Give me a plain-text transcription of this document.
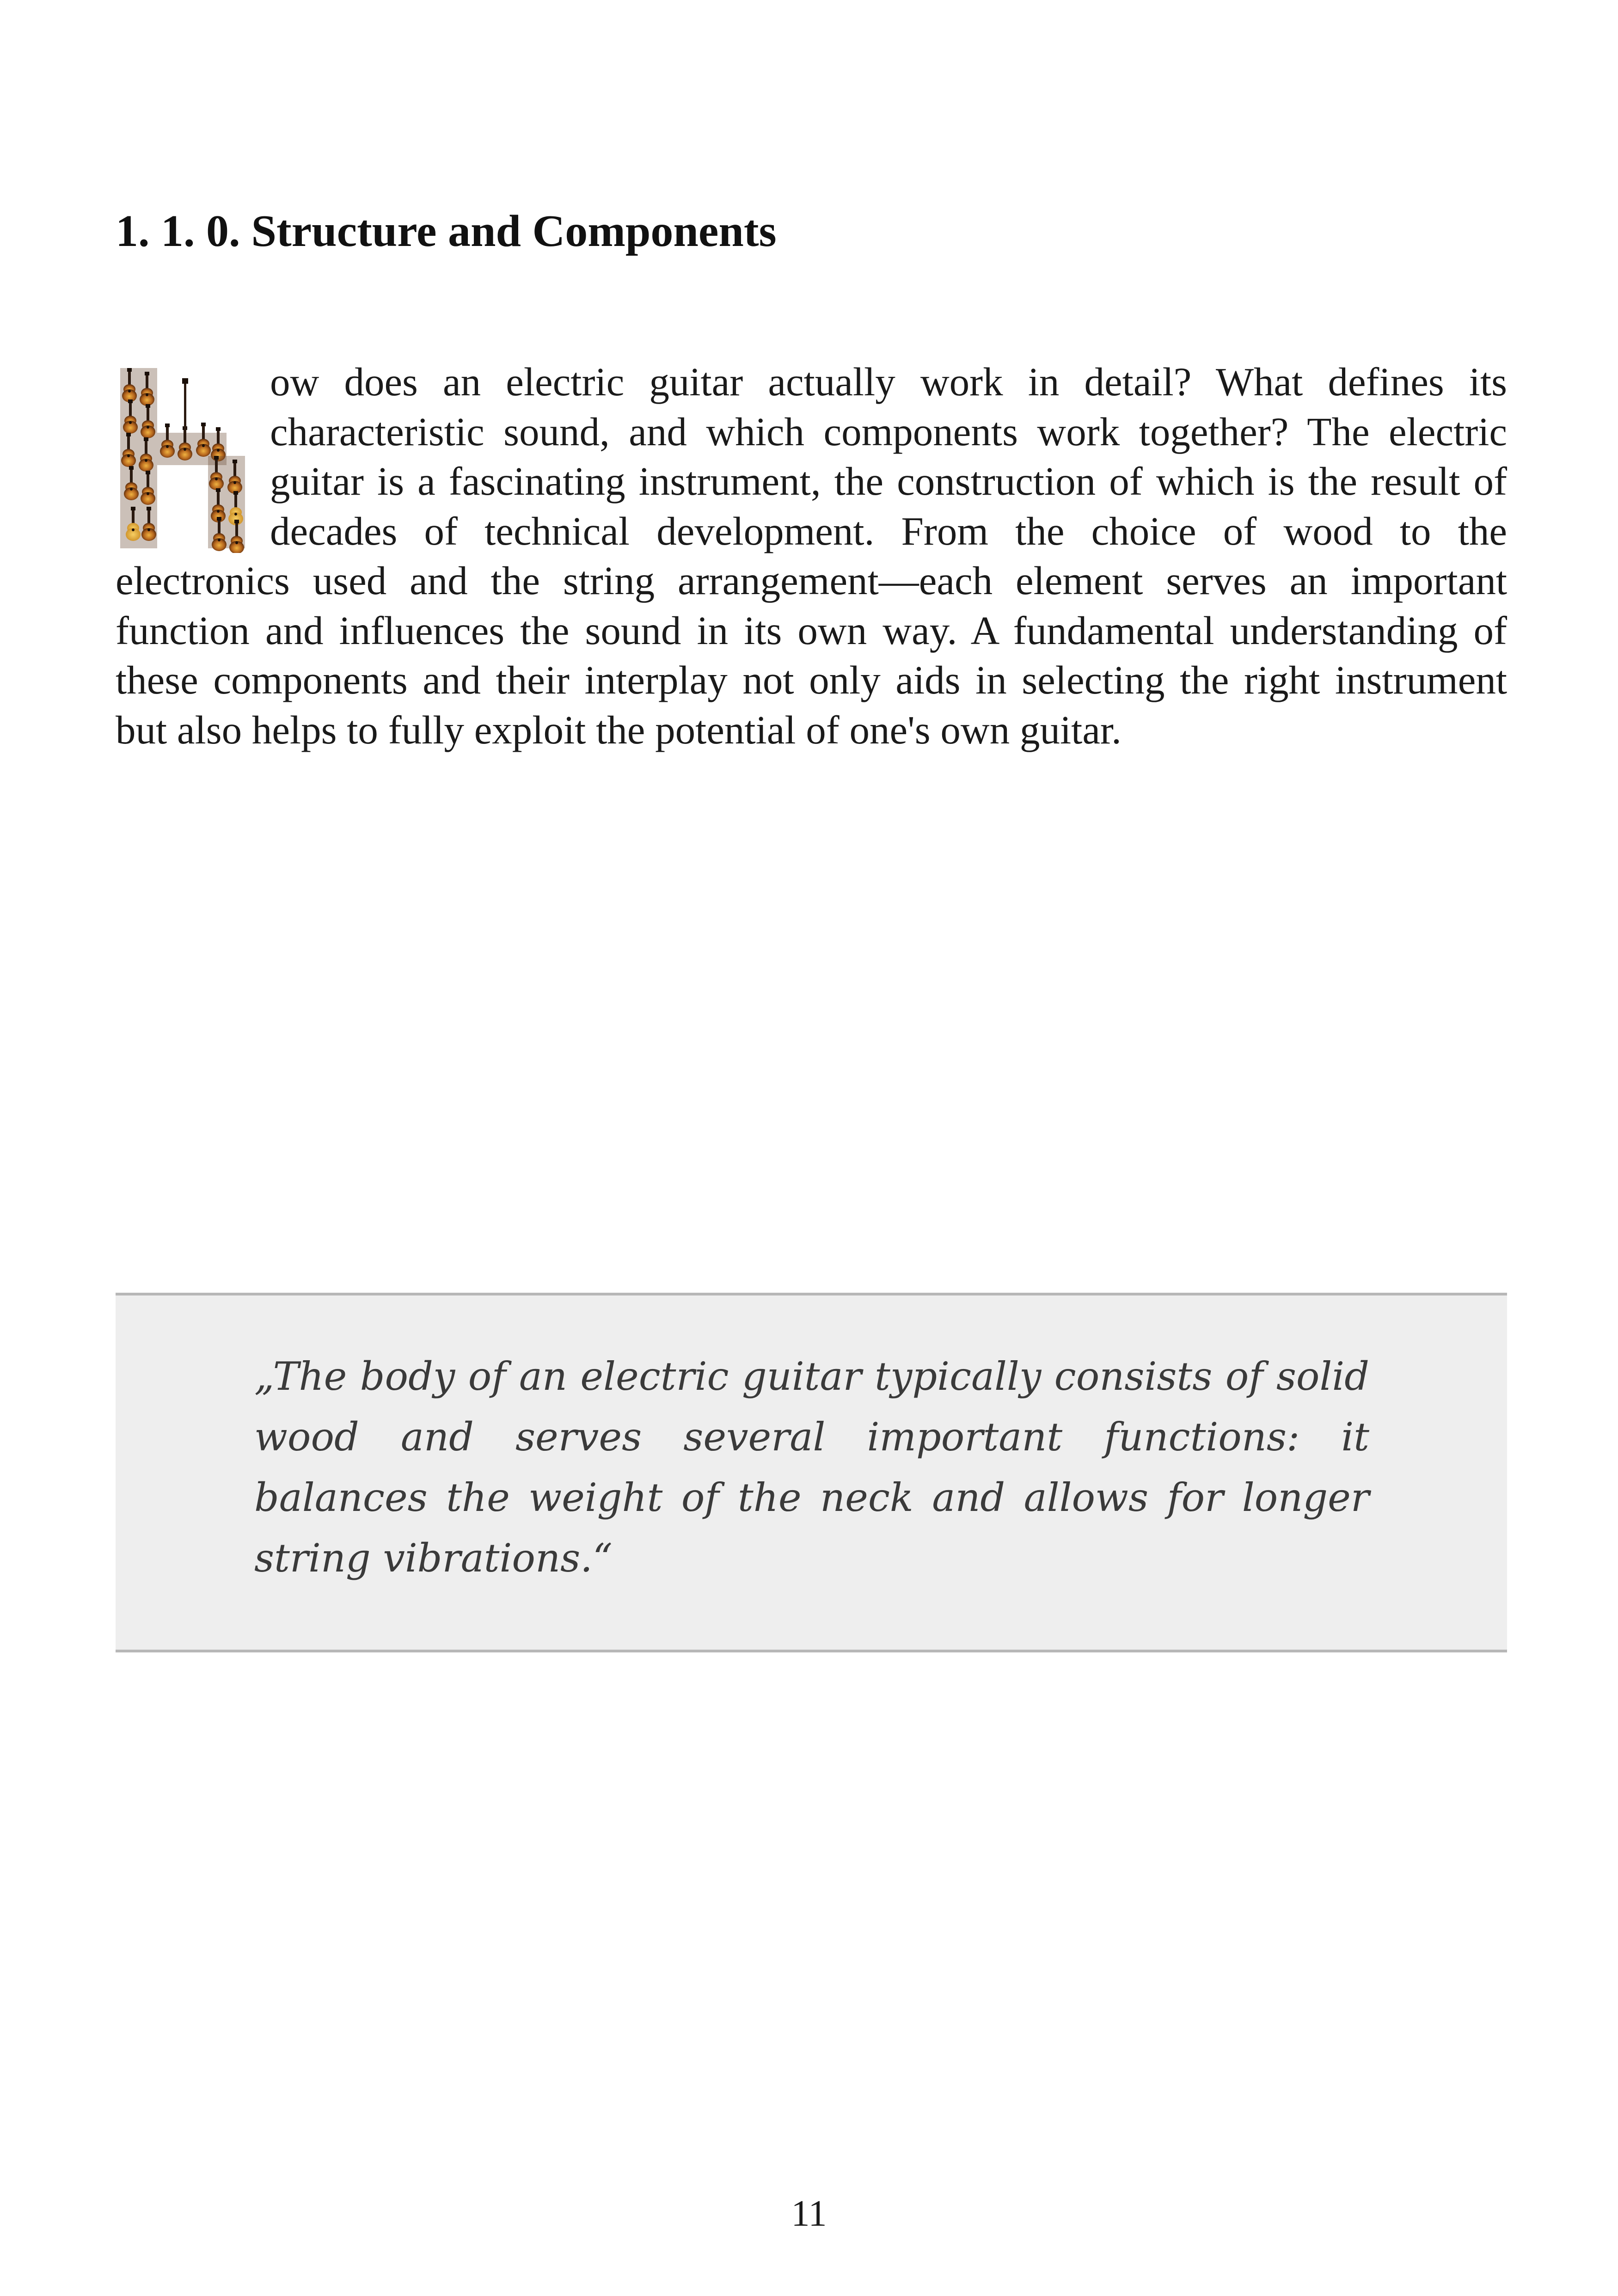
1. 1. 0. Structure and Components

ow does an electric guitar actually work in detail? What defines its characteristic sound, and which components work together? The electric guitar is a fascinating instrument, the construction of which is the result of decades of technical development. From the choice of wood to the electronics used and the string arrangement—each element serves an important function and influences the sound in its own way. A fundamental understanding of these components and their interplay not only aids in selecting the right instrument but also helps to fully exploit the potential of one's own guitar.

„The body of an electric guitar typically consists of solid wood and serves several important functions: it balances the weight of the neck and allows for longer string vibrations.“

11
